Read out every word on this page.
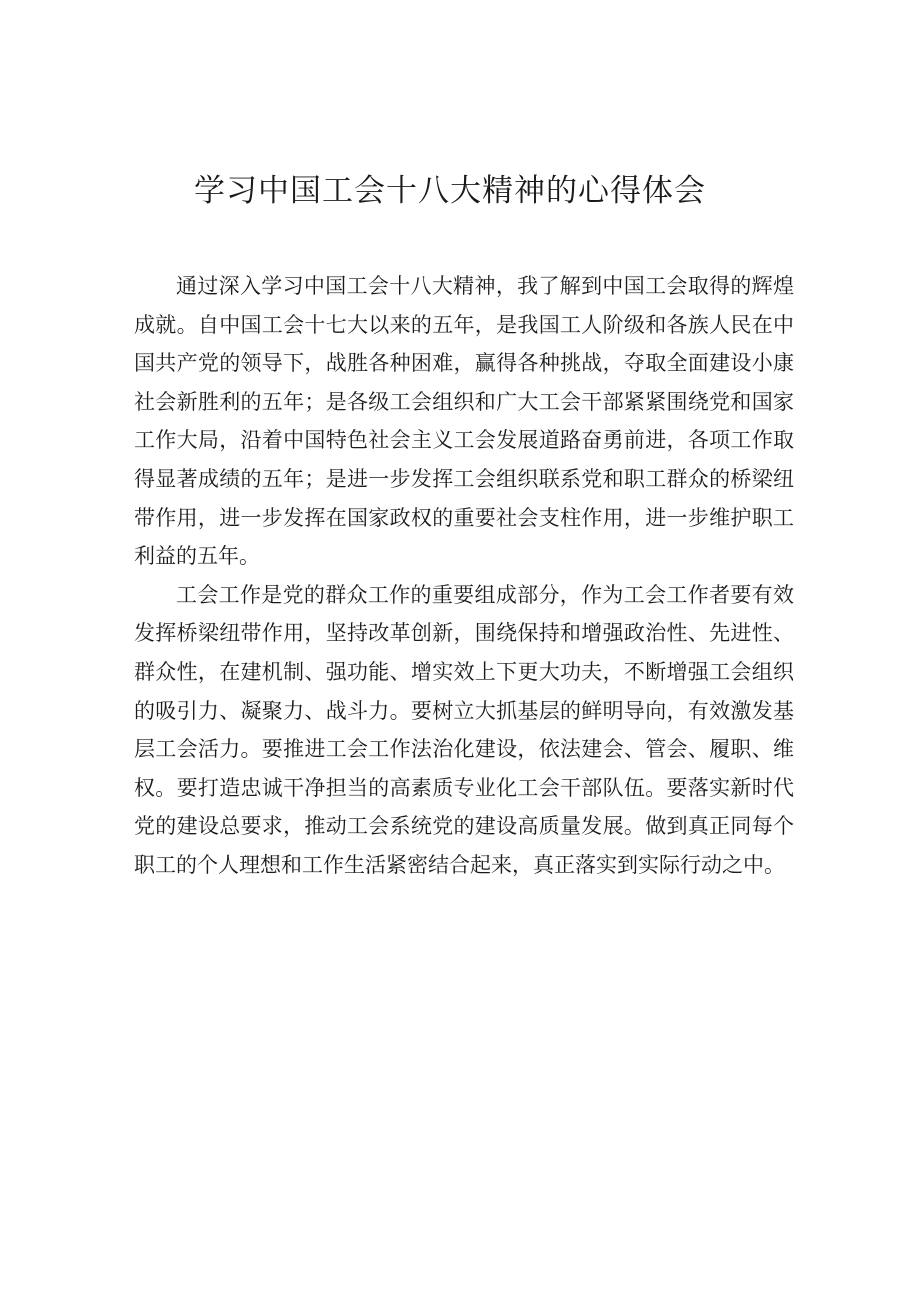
学习中国工会十八大精神的心得体会

通过深入学习中国工会十八大精神，我了解到中国工会取得的辉煌成就。自中国工会十七大以来的五年，是我国工人阶级和各族人民在中国共产党的领导下，战胜各种困难，赢得各种挑战，夺取全面建设小康社会新胜利的五年；是各级工会组织和广大工会干部紧紧围绕党和国家工作大局，沿着中国特色社会主义工会发展道路奋勇前进，各项工作取得显著成绩的五年；是进一步发挥工会组织联系党和职工群众的桥梁纽带作用，进一步发挥在国家政权的重要社会支柱作用，进一步维护职工利益的五年。

工会工作是党的群众工作的重要组成部分，作为工会工作者要有效发挥桥梁纽带作用，坚持改革创新，围绕保持和增强政治性、先进性、群众性，在建机制、强功能、增实效上下更大功夫，不断增强工会组织的吸引力、凝聚力、战斗力。要树立大抓基层的鲜明导向，有效激发基层工会活力。要推进工会工作法治化建设，依法建会、管会、履职、维权。要打造忠诚干净担当的高素质专业化工会干部队伍。要落实新时代党的建设总要求，推动工会系统党的建设高质量发展。做到真正同每个职工的个人理想和工作生活紧密结合起来，真正落实到实际行动之中。
